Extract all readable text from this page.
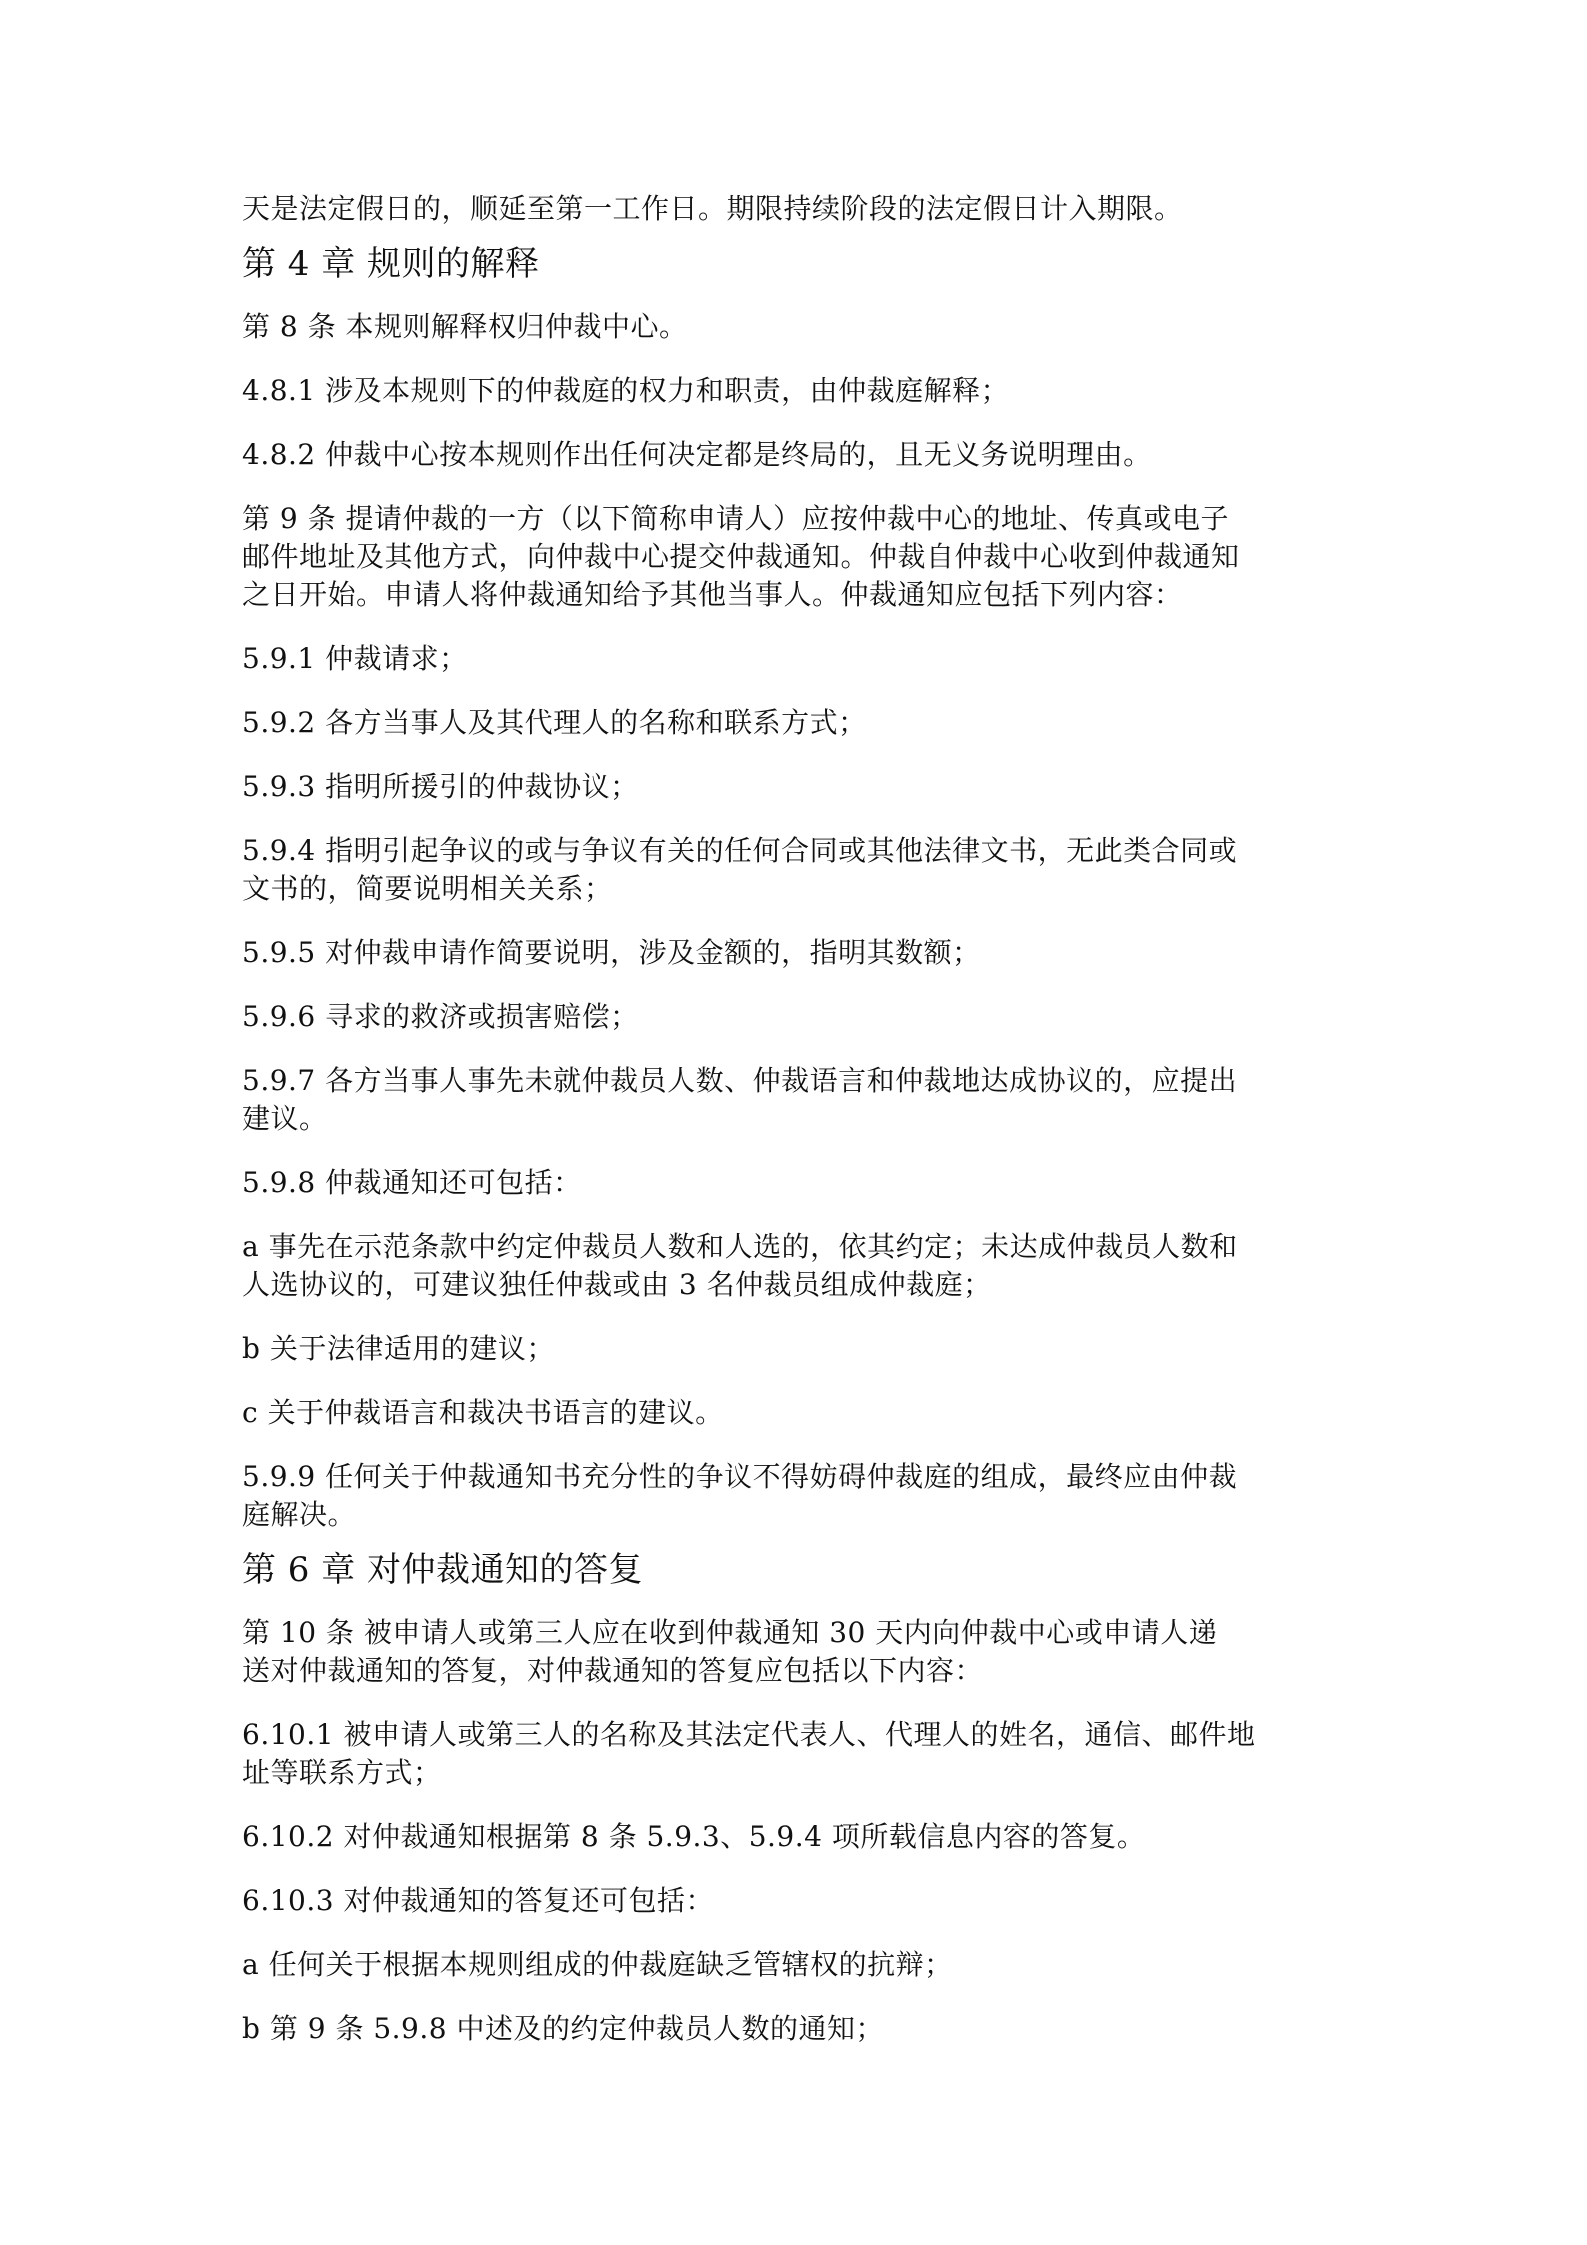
天是法定假日的，顺延至第一工作日。期限持续阶段的法定假日计入期限。

第 4 章 规则的解释

第 8 条 本规则解释权归仲裁中心。

4.8.1 涉及本规则下的仲裁庭的权力和职责，由仲裁庭解释；

4.8.2 仲裁中心按本规则作出任何决定都是终局的，且无义务说明理由。

第 9 条 提请仲裁的一方（以下简称申请人）应按仲裁中心的地址、传真或电子
邮件地址及其他方式，向仲裁中心提交仲裁通知。仲裁自仲裁中心收到仲裁通知
之日开始。申请人将仲裁通知给予其他当事人。仲裁通知应包括下列内容：

5.9.1 仲裁请求；

5.9.2 各方当事人及其代理人的名称和联系方式；

5.9.3 指明所援引的仲裁协议；

5.9.4 指明引起争议的或与争议有关的任何合同或其他法律文书，无此类合同或
文书的，简要说明相关关系；

5.9.5 对仲裁申请作简要说明，涉及金额的，指明其数额；

5.9.6 寻求的救济或损害赔偿；

5.9.7 各方当事人事先未就仲裁员人数、仲裁语言和仲裁地达成协议的，应提出
建议。

5.9.8 仲裁通知还可包括：

a 事先在示范条款中约定仲裁员人数和人选的，依其约定；未达成仲裁员人数和
人选协议的，可建议独任仲裁或由 3 名仲裁员组成仲裁庭；

b 关于法律适用的建议；

c 关于仲裁语言和裁决书语言的建议。

5.9.9 任何关于仲裁通知书充分性的争议不得妨碍仲裁庭的组成，最终应由仲裁
庭解决。

第 6 章 对仲裁通知的答复

第 10 条 被申请人或第三人应在收到仲裁通知 30 天内向仲裁中心或申请人递
送对仲裁通知的答复，对仲裁通知的答复应包括以下内容：

6.10.1 被申请人或第三人的名称及其法定代表人、代理人的姓名，通信、邮件地
址等联系方式；

6.10.2 对仲裁通知根据第 8 条 5.9.3、5.9.4 项所载信息内容的答复。

6.10.3 对仲裁通知的答复还可包括：

a 任何关于根据本规则组成的仲裁庭缺乏管辖权的抗辩；

b 第 9 条 5.9.8 中述及的约定仲裁员人数的通知；
